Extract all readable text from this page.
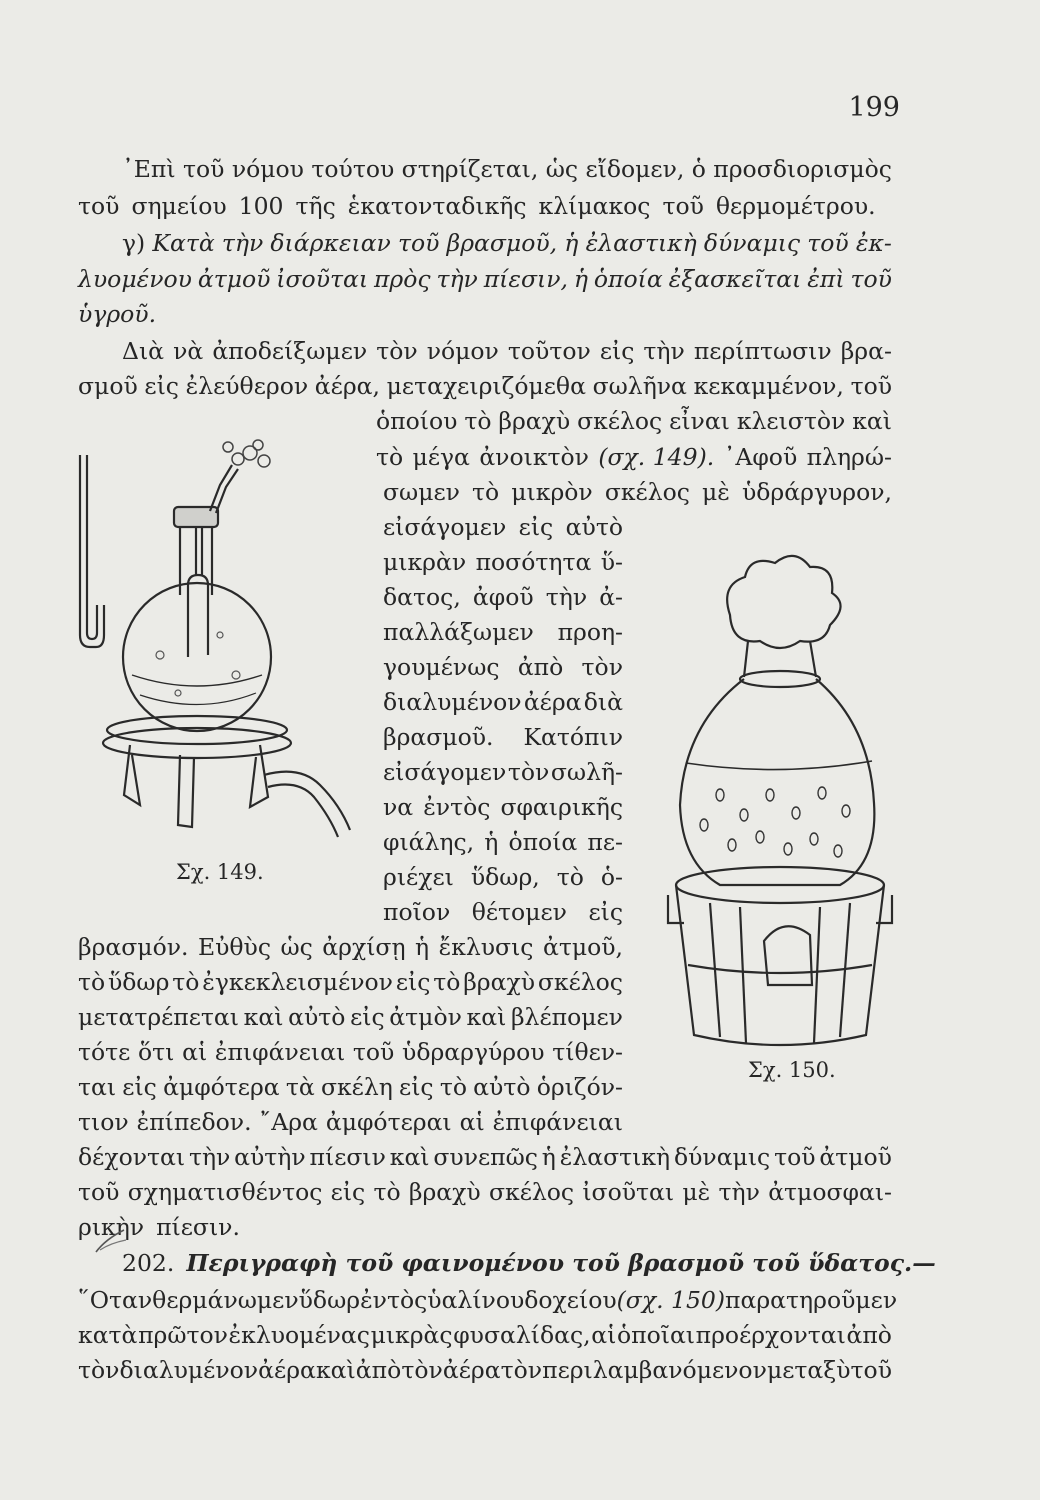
199
᾿Επὶ τοῦ νόμου τούτου στηρίζεται, ὡς εἴδομεν, ὁ προσδιορισμὸς
τοῦ σημείου 100 τῆς ἑκατονταδικῆς κλίμακος τοῦ θερμομέτρου.
γ) Κατὰ τὴν διάρκειαν τοῦ βρασμοῦ, ἡ ἐλαστικὴ δύναμις τοῦ ἐκ-
λυομένου ἀτμοῦ ἰσοῦται πρὸς τὴν πίεσιν, ἡ ὁποία ἐξασκεῖται ἐπὶ τοῦ
ὑγροῦ.
Διὰ νὰ ἀποδείξωμεν τὸν νόμον τοῦτον εἰς τὴν περίπτωσιν βρα-
σμοῦ εἰς ἐλεύθερον ἀέρα, μεταχειριζόμεθα σωλῆνα κεκαμμένον, τοῦ
ὁποίου τὸ βραχὺ σκέλος εἶναι κλειστὸν καὶ
τὸ μέγα ἀνοικτὸν (σχ. 149). ᾿Αφοῦ πληρώ-
σωμεν τὸ μικρὸν σκέλος μὲ ὑδράργυρον,
εἰσάγομεν εἰς αὐτὸ
μικρὰν ποσότητα ὕ-
δατος, ἀφοῦ τὴν ἀ-
παλλάξωμεν προη-
γουμένως ἀπὸ τὸν
διαλυμένον ἀέρα διὰ
βρασμοῦ. Κατόπιν
εἰσάγομεν τὸν σωλῆ-
να ἐντὸς σφαιρικῆς
φιάλης, ἡ ὁποία πε-
ριέχει ὕδωρ, τὸ ὁ-
ποῖον θέτομεν εἰς
βρασμόν. Εὐθὺς ὡς ἀρχίσῃ ἡ ἔκλυσις ἀτμοῦ,
τὸ ὕδωρ τὸ ἐγκεκλεισμένον εἰς τὸ βραχὺ σκέλος
μετατρέπεται καὶ αὐτὸ εἰς ἀτμὸν καὶ βλέπομεν
τότε ὅτι αἱ ἐπιφάνειαι τοῦ ὑδραργύρου τίθεν-
ται εἰς ἀμφότερα τὰ σκέλη εἰς τὸ αὐτὸ ὁριζόν-
τιον ἐπίπεδον. ῎Αρα ἀμφότεραι αἱ ἐπιφάνειαι
δέχονται τὴν αὐτὴν πίεσιν καὶ συνεπῶς ἡ ἐλαστικὴ δύναμις τοῦ ἀτμοῦ
τοῦ σχηματισθέντος εἰς τὸ βραχὺ σκέλος ἰσοῦται μὲ τὴν ἀτμοσφαι-
ρικὴν πίεσιν.
202. Περιγραφὴ τοῦ φαινομένου τοῦ βρασμοῦ τοῦ ὕδατος.—
῞Οταν θερμάνωμεν ὕδωρ ἐντὸς ὑαλίνου δοχείου (σχ. 150) παρατηροῦμεν
κατὰ πρῶτον ἐκλυομένας μικρὰς φυσαλίδας, αἱ ὁποῖαι προέρχονται ἀπὸ
τὸν διαλυμένον ἀέρα καὶ ἀπὸ τὸν ἀέρα τὸν περιλαμβανόμενον μεταξὺ τοῦ
Σχ. 149.
Σχ. 150.
